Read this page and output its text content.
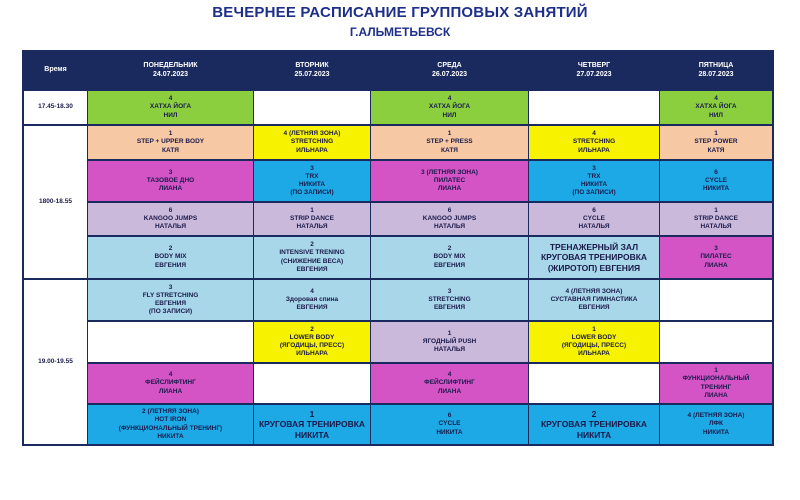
ВЕЧЕРНЕЕ РАСПИСАНИЕ ГРУППОВЫХ ЗАНЯТИЙ
Г.АЛЬМЕТЬЕВСК
Время
ПОНЕДЕЛЬНИК
24.07.2023
ВТОРНИК
25.07.2023
СРЕДА
26.07.2023
ЧЕТВЕРГ
27.07.2023
ПЯТНИЦА
28.07.2023
17.45-18.30
1800-18.55
19.00-19.55
4
ХАТХА ЙОГА
НИЛ
4
ХАТХА ЙОГА
НИЛ
4
ХАТХА ЙОГА
НИЛ
1
STEP + UPPER BODY
КАТЯ
4 (ЛЕТНЯЯ ЗОНА)
STRETCHING
ИЛЬНАРА
1
STEP + PRESS
КАТЯ
4
STRETCHING
ИЛЬНАРА
1
STEP POWER
КАТЯ
3
ТАЗОВОЕ ДНО
ЛИАНА
3
TRX
НИКИТА
(ПО ЗАПИСИ)
3 (ЛЕТНЯЯ ЗОНА)
ПИЛАТЕС
ЛИАНА
3
TRX
НИКИТА
(ПО ЗАПИСИ)
6
CYCLE
НИКИТА
6
KANGOO JUMPS
НАТАЛЬЯ
1
STRIP DANCE
НАТАЛЬЯ
6
KANGOO JUMPS
НАТАЛЬЯ
6
CYCLE
НАТАЛЬЯ
1
STRIP DANCE
НАТАЛЬЯ
2
BODY MIX
ЕВГЕНИЯ
2
INTENSIVE TRENING
(СНИЖЕНИЕ ВЕСА)
ЕВГЕНИЯ
2
BODY MIX
ЕВГЕНИЯ
ТРЕНАЖЕРНЫЙ ЗАЛ
КРУГОВАЯ ТРЕНИРОВКА
(ЖИРОТОП) ЕВГЕНИЯ
3
ПИЛАТЕС
ЛИАНА
3
FLY STRETCHING
ЕВГЕНИЯ
(ПО ЗАПИСИ)
4
Здоровая спина
ЕВГЕНИЯ
3
STRETCHING
ЕВГЕНИЯ
4 (ЛЕТНЯЯ ЗОНА)
СУСТАВНАЯ ГИМНАСТИКА
ЕВГЕНИЯ
2
LOWER BODY
(ЯГОДИЦЫ, ПРЕСС)
ИЛЬНАРА
1
ЯГОДНЫЙ PUSH
НАТАЛЬЯ
1
LOWER BODY
(ЯГОДИЦЫ, ПРЕСС)
ИЛЬНАРА
4
ФЕЙСЛИФТИНГ
ЛИАНА
4
ФЕЙСЛИФТИНГ
ЛИАНА
1
ФУНКЦИОНАЛЬНЫЙ
ТРЕНИНГ
ЛИАНА
2 (ЛЕТНЯЯ ЗОНА)
HOT IRON
(ФУНКЦИОНАЛЬНЫЙ ТРЕНИНГ)
НИКИТА
1
КРУГОВАЯ ТРЕНИРОВКА
НИКИТА
6
CYCLE
НИКИТА
2
КРУГОВАЯ ТРЕНИРОВКА
НИКИТА
4 (ЛЕТНЯЯ ЗОНА)
ЛФК
НИКИТА
